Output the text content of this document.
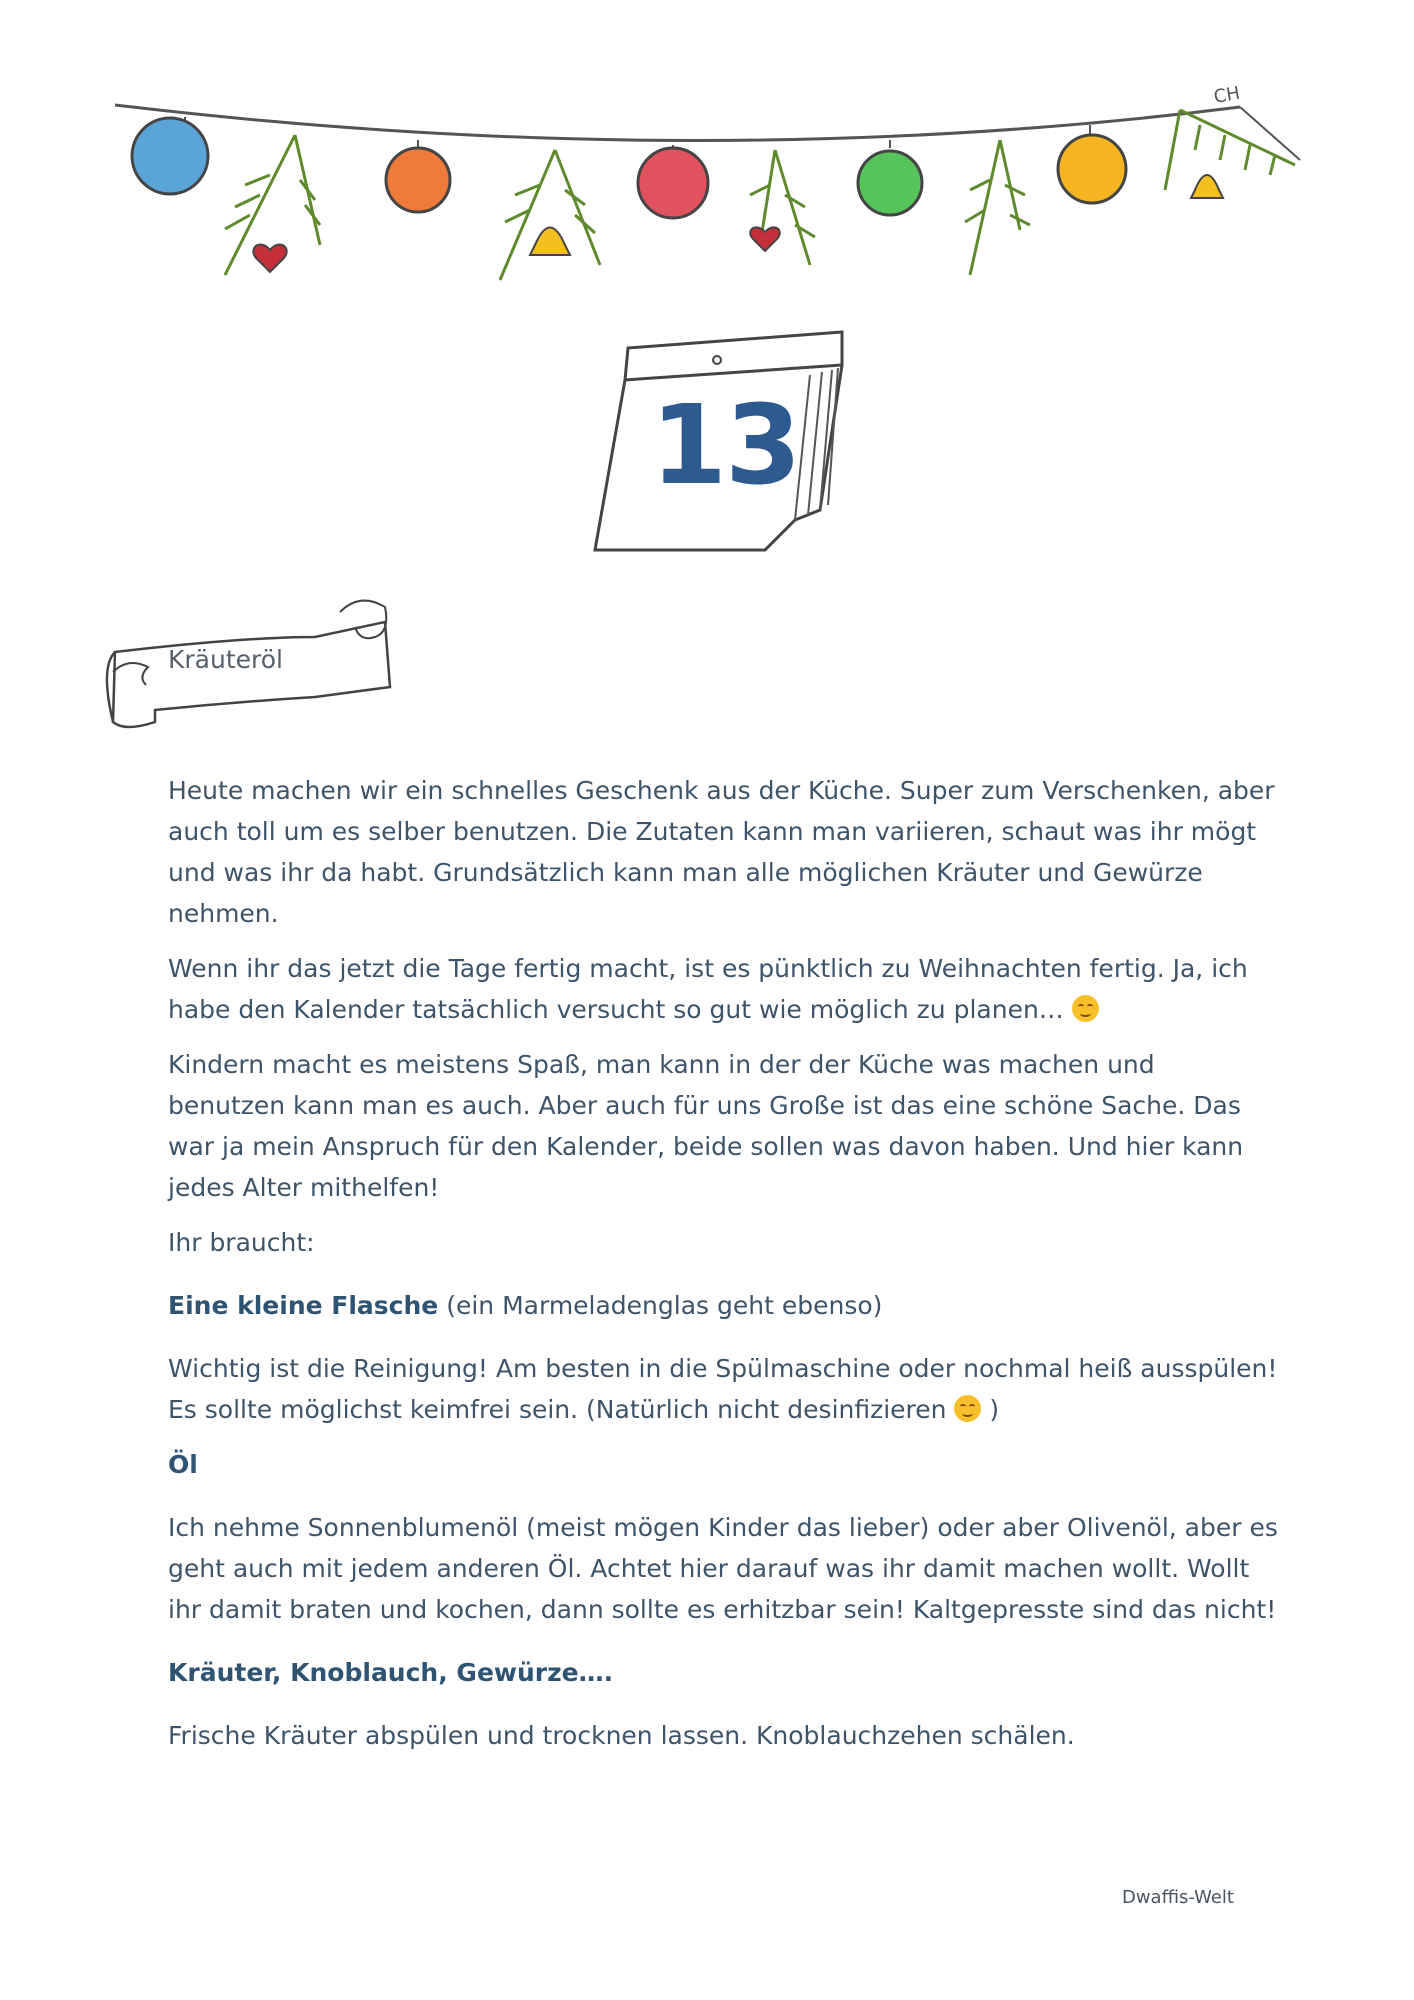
CH
13
Kräuteröl

Heute machen wir ein schnelles Geschenk aus der Küche. Super zum Verschenken, aber auch toll um es selber benutzen. Die Zutaten kann man variieren, schaut was ihr mögt und was ihr da habt. Grundsätzlich kann man alle möglichen Kräuter und Gewürze nehmen.

Wenn ihr das jetzt die Tage fertig macht, ist es pünktlich zu Weihnachten fertig. Ja, ich habe den Kalender tatsächlich versucht so gut wie möglich zu planen…

Kindern macht es meistens Spaß, man kann in der der Küche was machen und benutzen kann man es auch. Aber auch für uns Große ist das eine schöne Sache. Das war ja mein Anspruch für den Kalender, beide sollen was davon haben. Und hier kann jedes Alter mithelfen!

Ihr braucht:

Eine kleine Flasche (ein Marmeladenglas geht ebenso)

Wichtig ist die Reinigung! Am besten in die Spülmaschine oder nochmal heiß ausspülen! Es sollte möglichst keimfrei sein. (Natürlich nicht desinfizieren
)

Öl

Ich nehme Sonnenblumenöl (meist mögen Kinder das lieber) oder aber Olivenöl, aber es geht auch mit jedem anderen Öl. Achtet hier darauf was ihr damit machen wollt. Wollt ihr damit braten und kochen, dann sollte es erhitzbar sein! Kaltgepresste sind das nicht!

Kräuter, Knoblauch, Gewürze….

Frische Kräuter abspülen und trocknen lassen. Knoblauchzehen schälen.

Dwaffis-Welt
